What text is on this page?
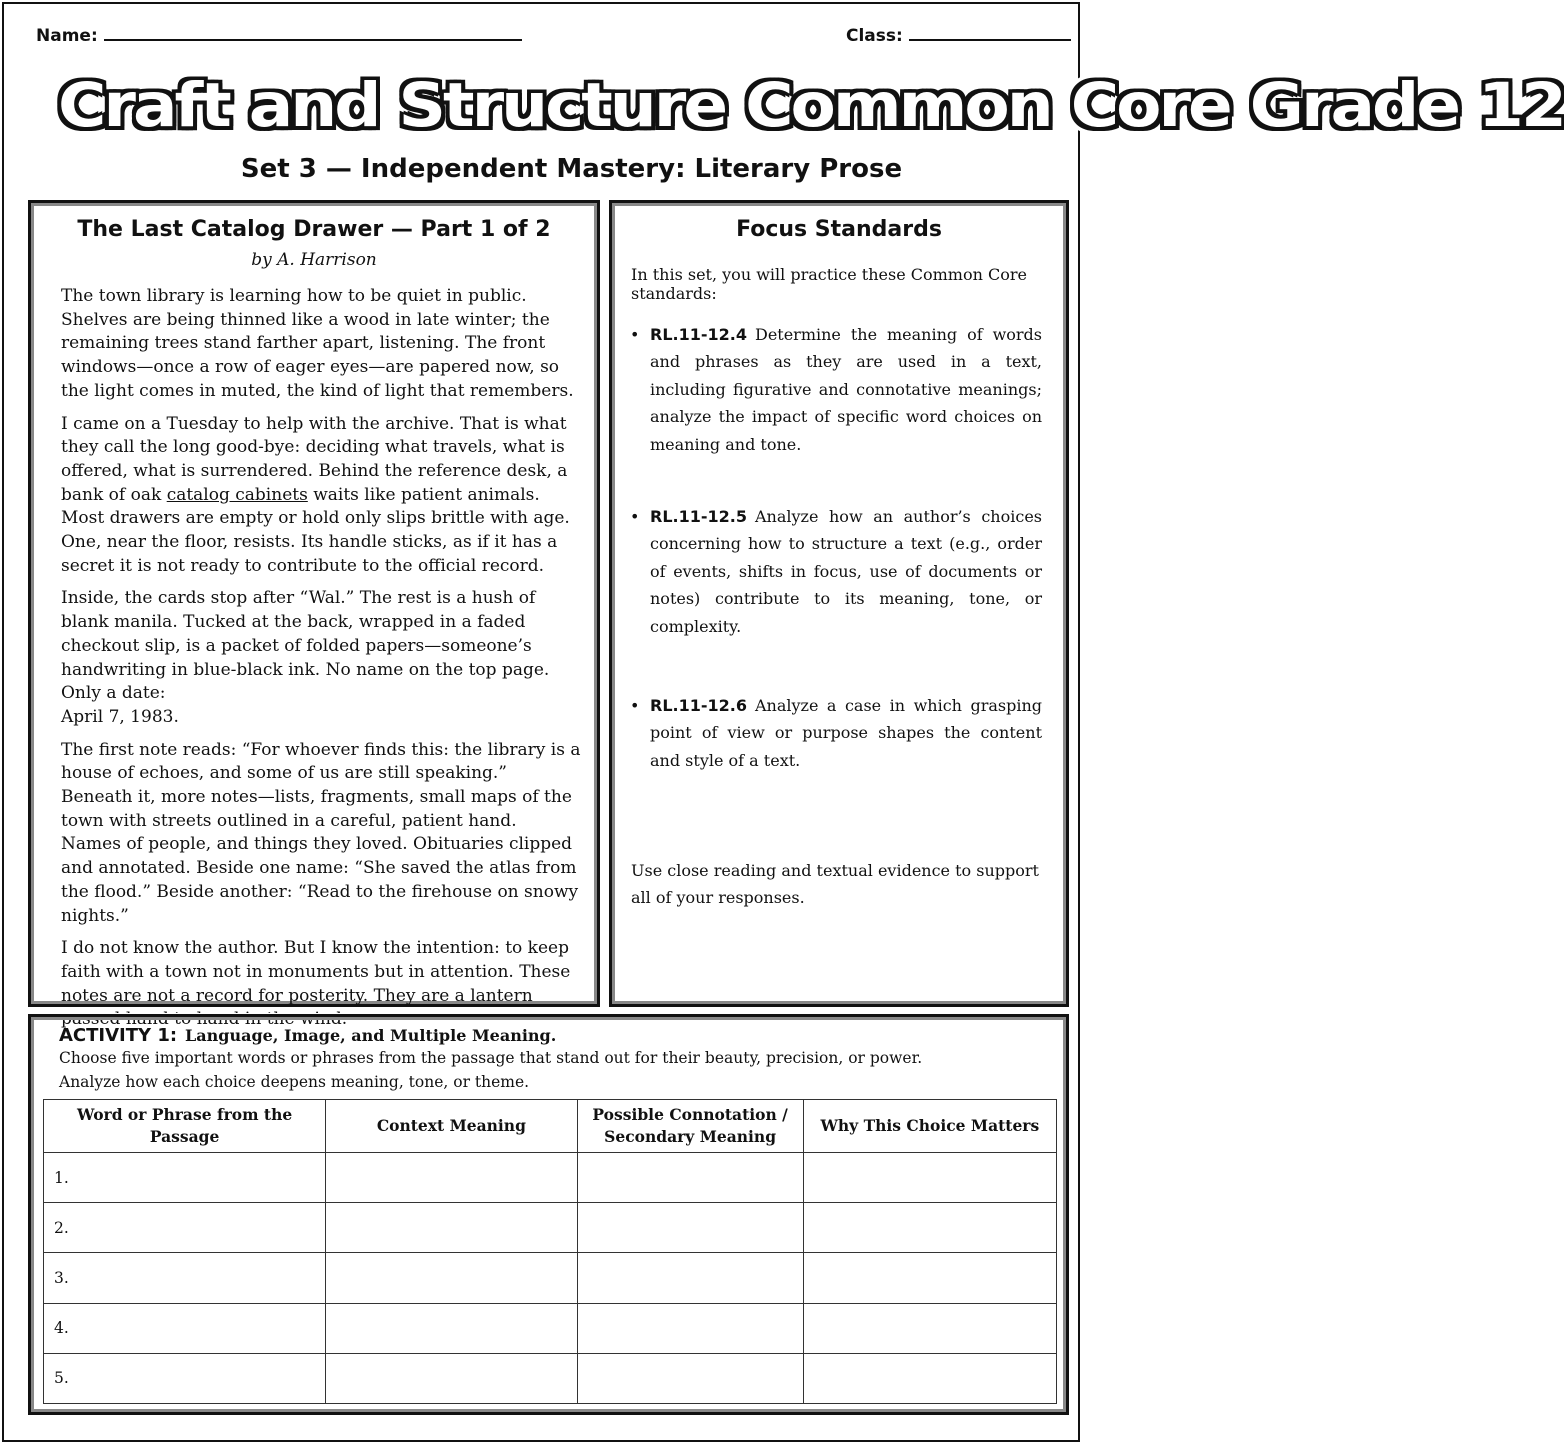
Name:	Class:
Craft and Structure Common Core Grade 12
Set 3 — Independent Mastery: Literary Prose
The Last Catalog Drawer — Part 1 of 2
by A. Harrison

The town library is learning how to be quiet in public. Shelves are being thinned like a wood in late winter; the remaining trees stand farther apart, listening. The front windows—once a row of eager eyes—are papered now, so the light comes in muted, the kind of light that remembers.

I came on a Tuesday to help with the archive. That is what they call the long good-bye: deciding what travels, what is offered, what is surrendered. Behind the reference desk, a bank of oak catalog cabinets waits like patient animals. Most drawers are empty or hold only slips brittle with age. One, near the floor, resists. Its handle sticks, as if it has a secret it is not ready to contribute to the official record.

Inside, the cards stop after “Wal.” The rest is a hush of blank manila. Tucked at the back, wrapped in a faded checkout slip, is a packet of folded papers—someone’s handwriting in blue-black ink. No name on the top page. Only a date:
April 7, 1983.

The first note reads: “For whoever finds this: the library is a house of echoes, and some of us are still speaking.” Beneath it, more notes—lists, fragments, small maps of the town with streets outlined in a careful, patient hand. Names of people, and things they loved. Obituaries clipped and annotated. Beside one name: “She saved the atlas from the flood.” Beside another: “Read to the firehouse on snowy nights.”

I do not know the author. But I know the intention: to keep faith with a town not in monuments but in attention. These notes are not a record for posterity. They are a lantern passed hand to hand in the wind.

Focus Standards
In this set, you will practice these Common Core standards:
• RL.11-12.4 Determine the meaning of words and phrases as they are used in a text, including figurative and connotative meanings; analyze the impact of specific word choices on meaning and tone.
• RL.11-12.5 Analyze how an author’s choices concerning how to structure a text (e.g., order of events, shifts in focus, use of documents or notes) contribute to its meaning, tone, or complexity.
• RL.11-12.6 Analyze a case in which grasping point of view or purpose shapes the content and style of a text.
Use close reading and textual evidence to support all of your responses.
ACTIVITY 1: Language, Image, and Multiple Meaning.
Choose five important words or phrases from the passage that stand out for their beauty, precision, or power.
Analyze how each choice deepens meaning, tone, or theme.
Word or Phrase from the Passage	Context Meaning	Possible Connotation / Secondary Meaning	Why This Choice Matters
1.			
2.			
3.			
4.			
5.			
